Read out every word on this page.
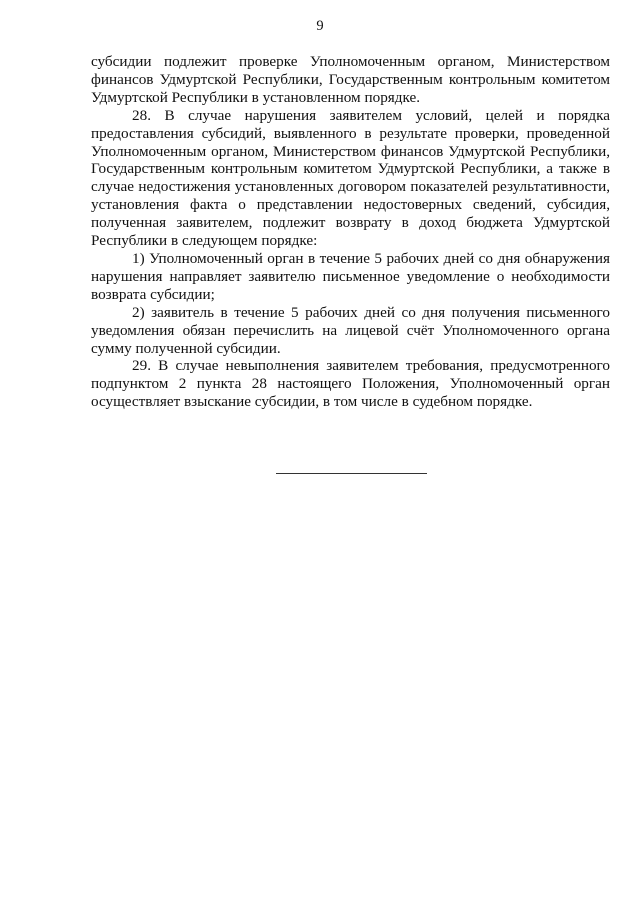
9

субсидии подлежит проверке Уполномоченным органом, Министерством финансов Удмуртской Республики, Государственным контрольным комитетом Удмуртской Республики в установленном порядке.

28. В случае нарушения заявителем условий, целей и порядка предоставления субсидий, выявленного в результате проверки, проведенной Уполномоченным органом, Министерством финансов Удмуртской Республики, Государственным контрольным комитетом Удмуртской Республики, а также в случае недостижения установленных договором показателей результативности, установления факта о представлении недостоверных сведений, субсидия, полученная заявителем, подлежит возврату в доход бюджета Удмуртской Республики в следующем порядке:

1) Уполномоченный орган в течение 5 рабочих дней со дня обнаружения нарушения направляет заявителю письменное уведомление о необходимости возврата субсидии;

2) заявитель в течение 5 рабочих дней со дня получения письменного уведомления обязан перечислить на лицевой счёт Уполномоченного органа сумму полученной субсидии.

29. В случае невыполнения заявителем требования, предусмотренного подпунктом 2 пункта 28 настоящего Положения, Уполномоченный орган осуществляет взыскание субсидии, в том числе в судебном порядке.
